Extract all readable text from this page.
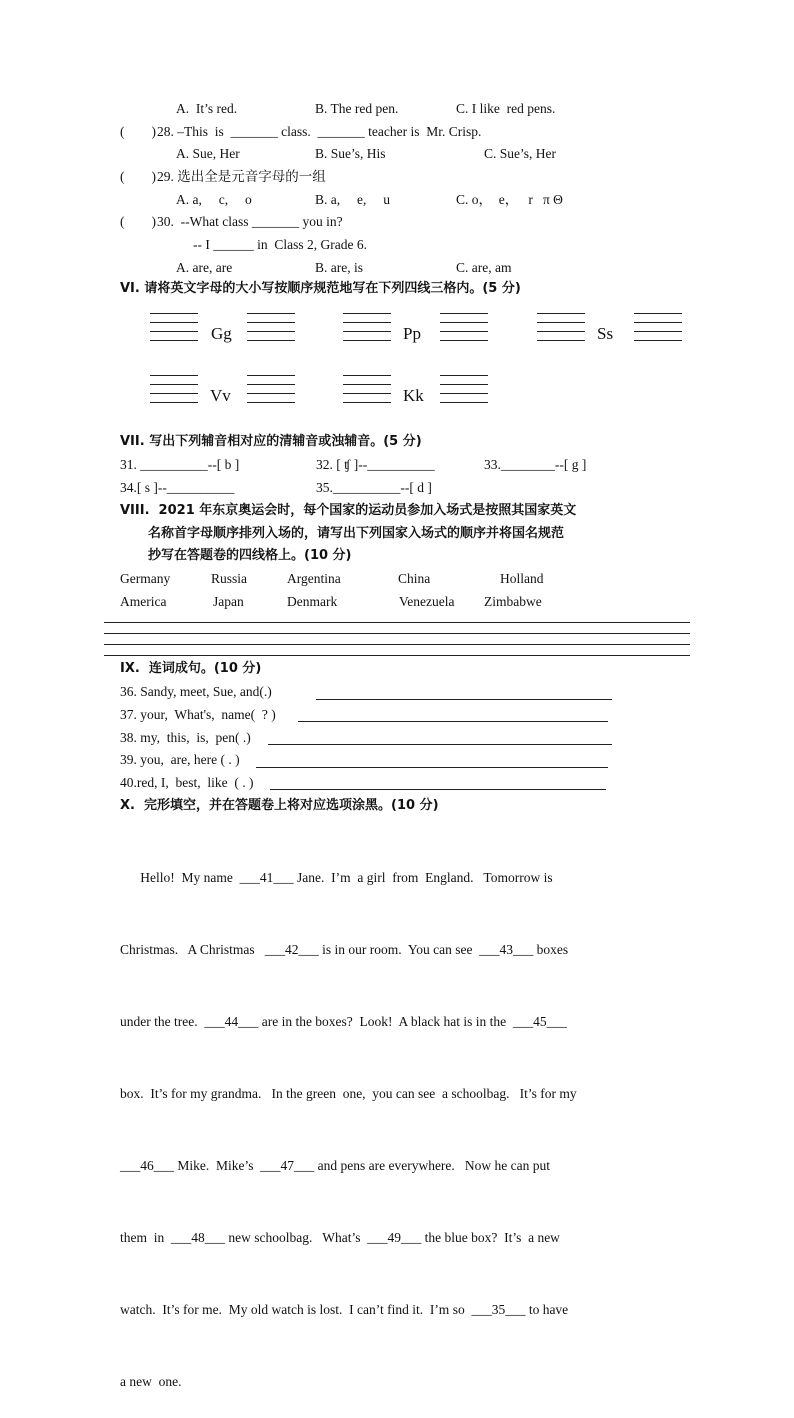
A.  It’s red.	B. The red pen.	C. I like  red pens.
(        ) 28. –This  is  _______ class.  _______ teacher is  Mr. Crisp.
A. Sue, Her	B. Sue’s, His	C. Sue’s, Her
(        ) 29. 选出全是元音字母的一组
A. a,     c,     o	B. a,     e,     u	C. o，  e，   r   π Θ
(        ) 30.  --What class _______ you in?
-- I ______ in  Class 2, Grade 6.
A. are, are	B. are, is	C. are, am
VI. 请将英文字母的大小写按顺序规范地写在下列四线三格内。(5 分)
Gg	Pp	Ss
Vv	Kk
VII. 写出下列辅音相对应的清辅音或浊辅音。(5 分)
31. __________--[ b ]	32. [ ʧ ]--__________	33.________--[ g ]
34.[ s ]--__________	35.__________--[ d ]
VIII.  2021 年东京奥运会时，每个国家的运动员参加入场式是按照其国家英文
名称首字母顺序排列入场的，请写出下列国家入场式的顺序并将国名规范
抄写在答题卷的四线格上。(10 分)
Germany	Russia	Argentina	China	Holland
America	Japan	Denmark	Venezuela Zimbabwe
IX.  连词成句。(10 分)
36. Sandy, meet, Sue, and(.)
37. your,  What's,  name(  ? )
38. my,  this,  is,  pen( .)
39. you,  are, here ( . )
40.red, I,  best,  like  ( . )
X.  完形填空，并在答题卷上将对应选项涂黑。(10 分)

Hello!  My name  ___41___ Jane.  I’m  a girl  from  England.   Tomorrow is

Christmas.   A Christmas   ___42___ is in our room.  You can see  ___43___ boxes

under the tree.  ___44___ are in the boxes?  Look!  A black hat is in the  ___45___

box.  It’s for my grandma.   In the green  one,  you can see  a schoolbag.   It’s for my

___46___ Mike.  Mike’s  ___47___ and pens are everywhere.   Now he can put

them  in  ___48___ new schoolbag.   What’s  ___49___ the blue box?  It’s  a new

watch.  It’s for me.  My old watch is lost.  I can’t find it.  I’m so  ___35___ to have

a new  one.
